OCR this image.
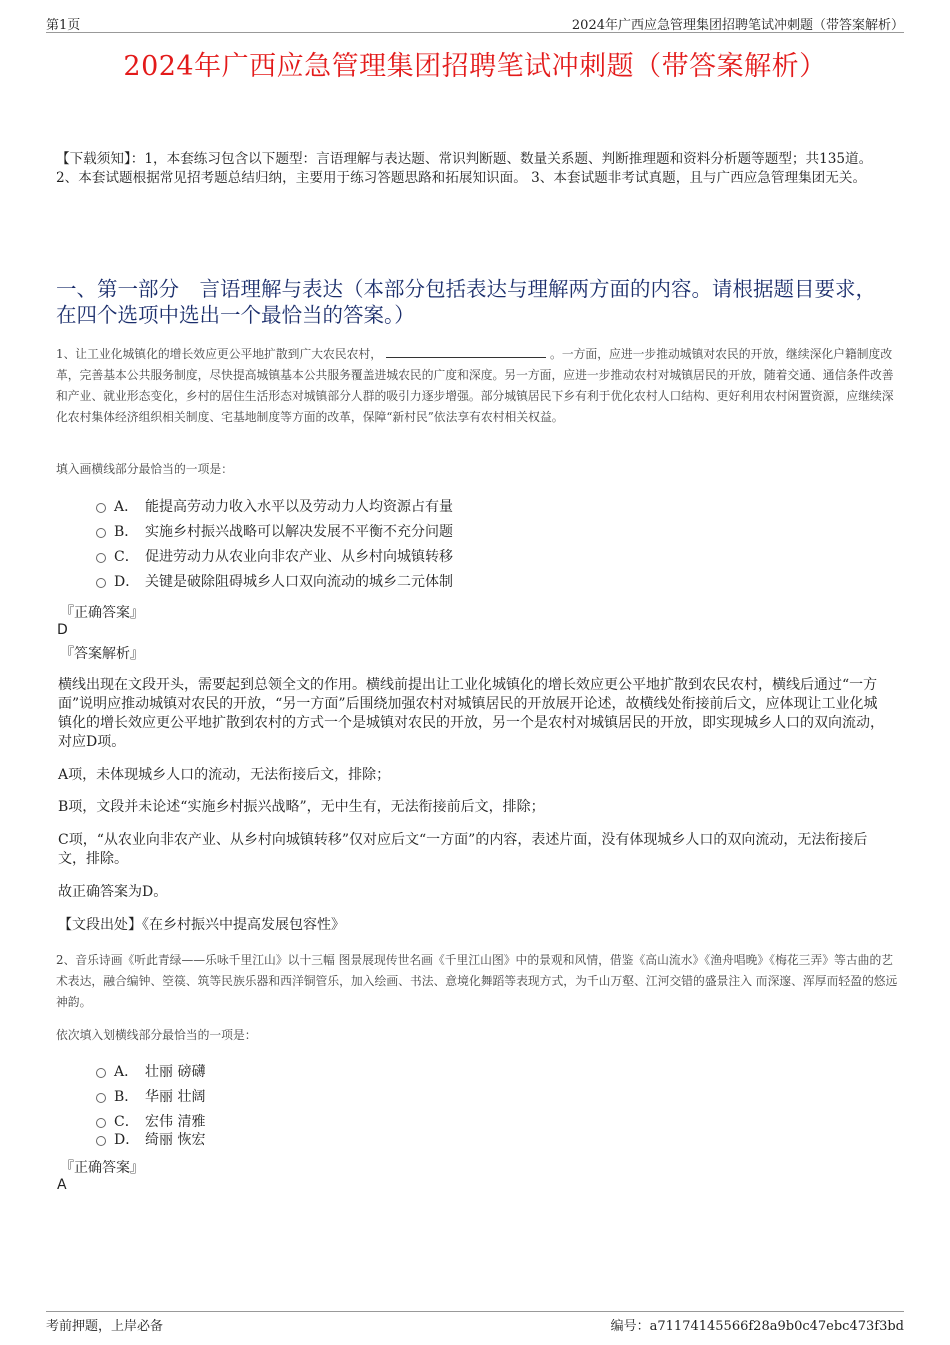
第1页	2024年广西应急管理集团招聘笔试冲刺题（带答案解析）
2024年广西应急管理集团招聘笔试冲刺题（带答案解析）
【下载须知】：1，本套练习包含以下题型：言语理解与表达题、常识判断题、数量关系题、判断推理题和资料分析题等题型；共135道。 2、本套试题根据常见招考题总结归纳，主要用于练习答题思路和拓展知识面。 3、本套试题非考试真题，且与广西应急管理集团无关。
一、第一部分　言语理解与表达（本部分包括表达与理解两方面的内容。请根据题目要求，在四个选项中选出一个最恰当的答案。）
1、让工业化城镇化的增长效应更公平地扩散到广大农民农村，	。一方面，应进一步推动城镇对农民的开放，继续深化户籍制度改革，完善基本公共服务制度，尽快提高城镇基本公共服务覆盖进城农民的广度和深度。另一方面，应进一步推动农村对城镇居民的开放，随着交通、通信条件改善和产业、就业形态变化，乡村的居住生活形态对城镇部分人群的吸引力逐步增强。部分城镇居民下乡有利于优化农村人口结构、更好利用农村闲置资源，应继续深化农村集体经济组织相关制度、宅基地制度等方面的改革，保障“新村民”依法享有农村相关权益。
填入画横线部分最恰当的一项是：
A． 能提高劳动力收入水平以及劳动力人均资源占有量
B． 实施乡村振兴战略可以解决发展不平衡不充分问题
C． 促进劳动力从农业向非农产业、从乡村向城镇转移
D． 关键是破除阻碍城乡人口双向流动的城乡二元体制
『正确答案』
D
『答案解析』
横线出现在文段开头，需要起到总领全文的作用。横线前提出让工业化城镇化的增长效应更公平地扩散到农民农村，横线后通过“一方面”说明应推动城镇对农民的开放，“另一方面”后围绕加强农村对城镇居民的开放展开论述，故横线处衔接前后文，应体现让工业化城镇化的增长效应更公平地扩散到农村的方式一个是城镇对农民的开放，另一个是农村对城镇居民的开放，即实现城乡人口的双向流动，对应D项。
A项，未体现城乡人口的流动，无法衔接后文，排除；
B项，文段并未论述“实施乡村振兴战略”，无中生有，无法衔接前后文，排除；
C项，“从农业向非农产业、从乡村向城镇转移”仅对应后文“一方面”的内容，表述片面，没有体现城乡人口的双向流动，无法衔接后文，排除。
故正确答案为D。
【文段出处】《在乡村振兴中提高发展包容性》
2、音乐诗画《听此青绿——乐咏千里江山》以十三幅 图景展现传世名画《千里江山图》中的景观和风情，借鉴《高山流水》《渔舟唱晚》《梅花三弄》等古曲的艺术表达，融合编钟、箜篌、筑等民族乐器和西洋铜管乐，加入绘画、书法、意境化舞蹈等表现方式，为千山万壑、江河交错的盛景注入 而深邃、浑厚而轻盈的悠远神韵。
依次填入划横线部分最恰当的一项是：
A． 壮丽 磅礴
B． 华丽 壮阔
C． 宏伟 清雅
D． 绮丽 恢宏
『正确答案』
A
考前押题，上岸必备	编号：a71174145566f28a9b0c47ebc473f3bd
